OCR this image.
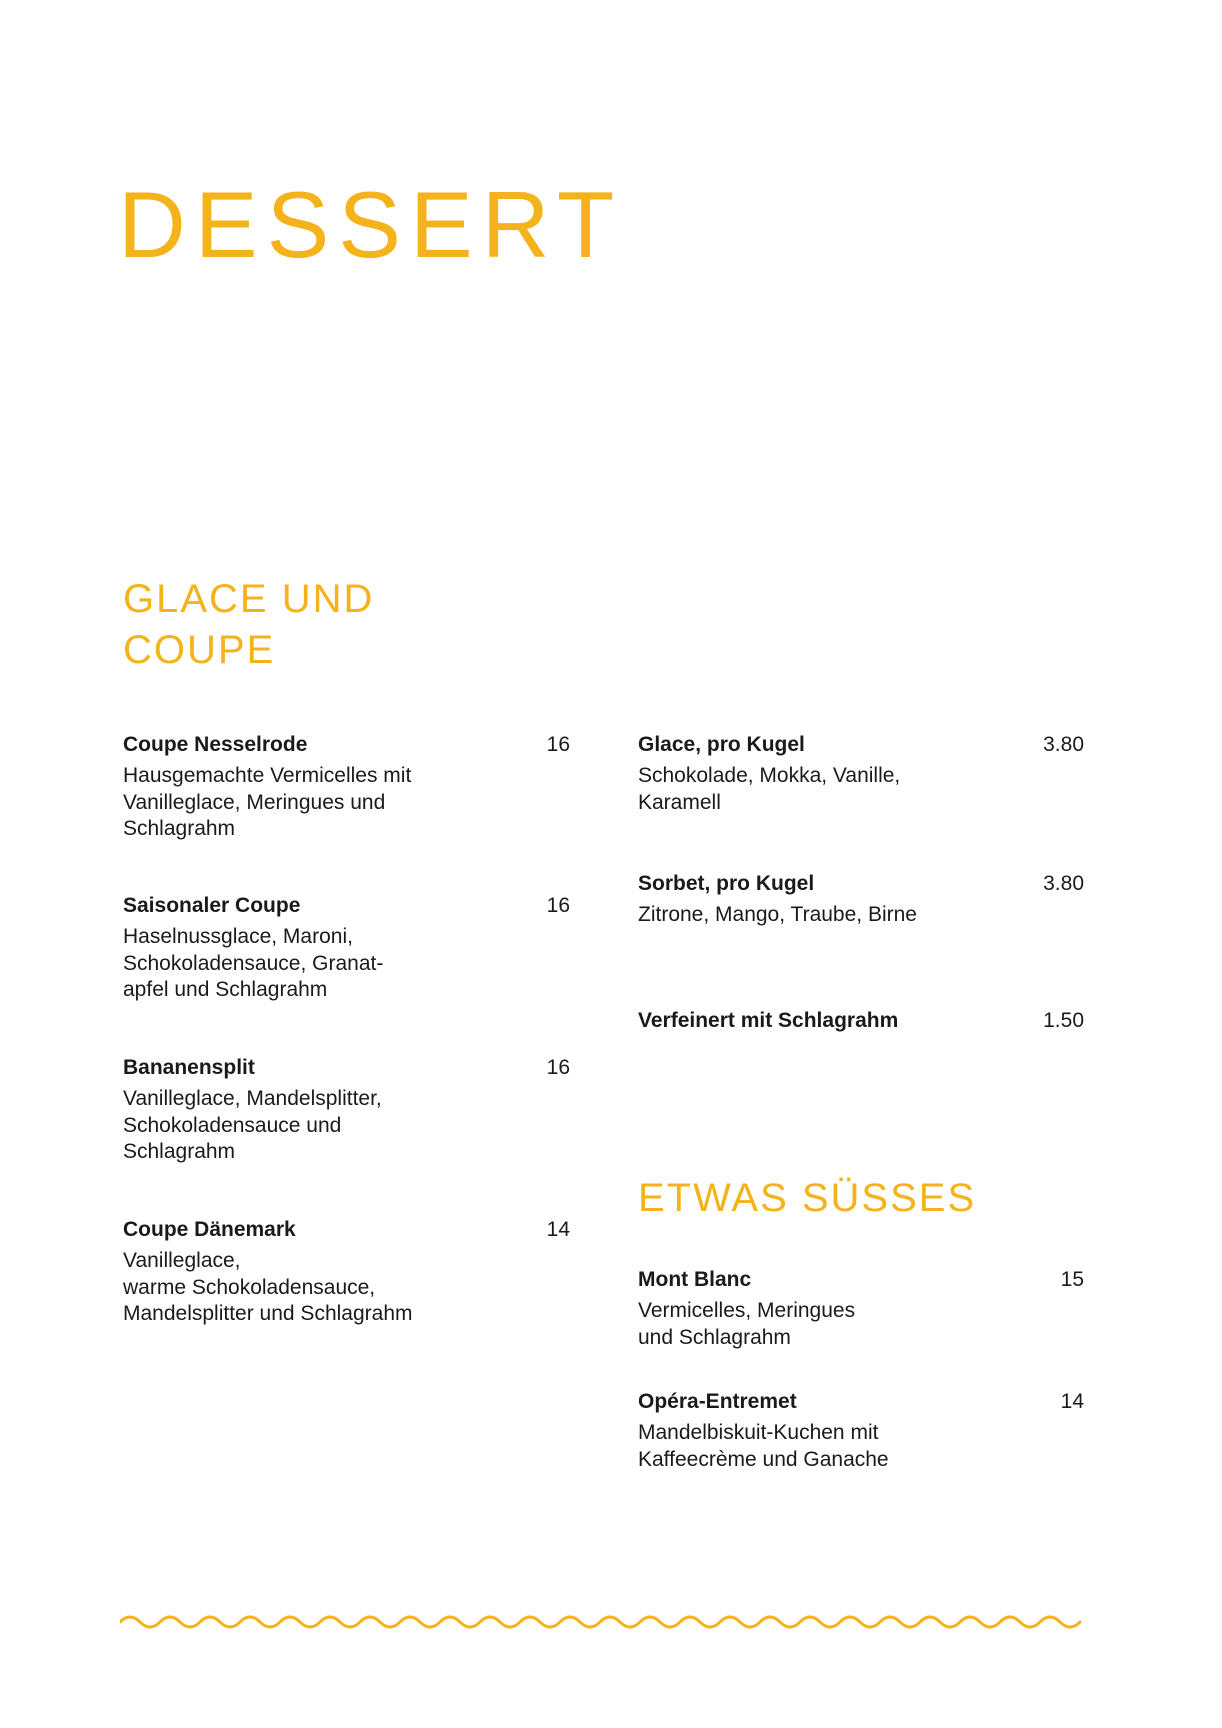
DESSERT
GLACE UND
COUPE
Coupe Nesselrode	16
Hausgemachte Vermicelles mit
Vanilleglace, Meringues und
Schlagrahm
Saisonaler Coupe	16
Haselnussglace, Maroni,
Schokoladensauce, Granat-
apfel und Schlagrahm
Bananensplit	16
Vanilleglace, Mandelsplitter,
Schokoladensauce und
Schlagrahm
Coupe Dänemark	14
Vanilleglace,
warme Schokoladensauce,
Mandelsplitter und Schlagrahm
Glace, pro Kugel	3.80
Schokolade, Mokka, Vanille,
Karamell
Sorbet, pro Kugel	3.80
Zitrone, Mango, Traube, Birne
Verfeinert mit Schlagrahm	1.50
ETWAS SÜSSES
Mont Blanc	15
Vermicelles, Meringues
und Schlagrahm
Opéra-Entremet	14
Mandelbiskuit-Kuchen mit
Kaffeecrème und Ganache
